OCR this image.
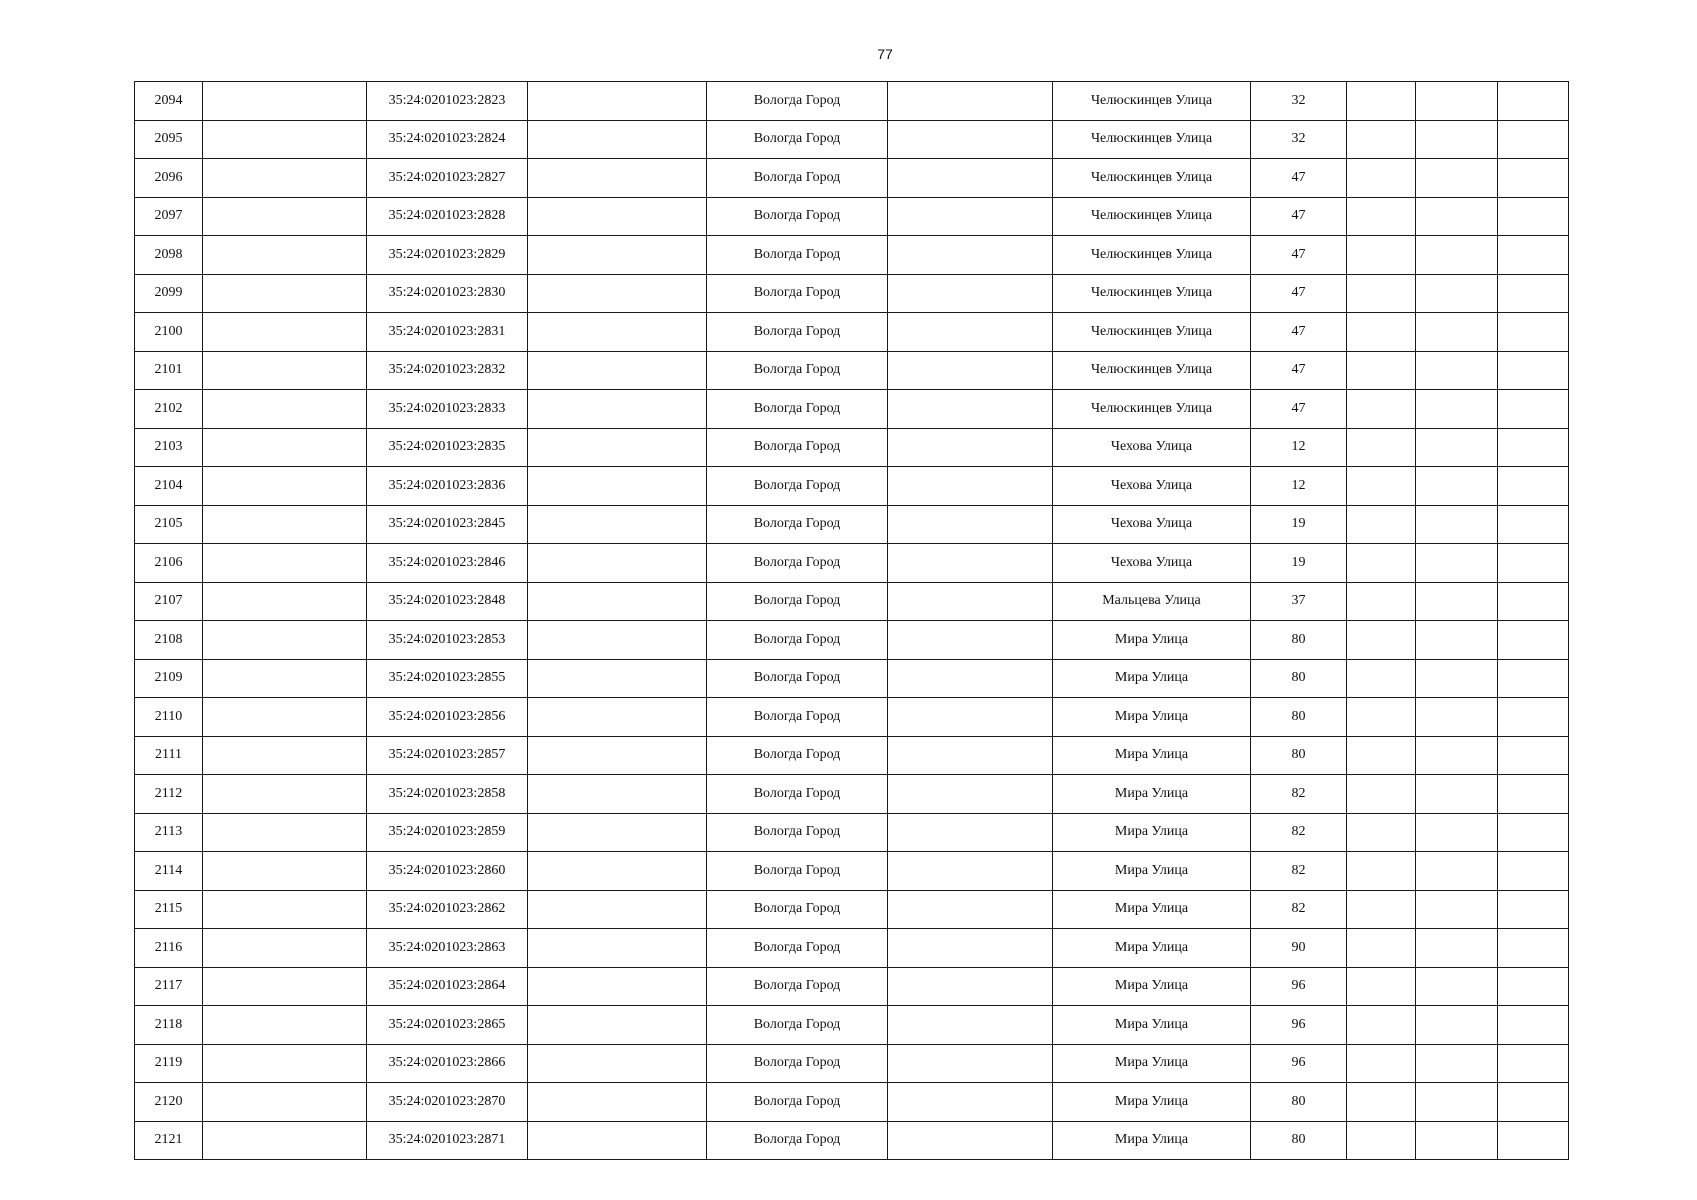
77
2094		35:24:0201023:2823		Вологда Город		Челюскинцев Улица	32			
2095		35:24:0201023:2824		Вологда Город		Челюскинцев Улица	32			
2096		35:24:0201023:2827		Вологда Город		Челюскинцев Улица	47			
2097		35:24:0201023:2828		Вологда Город		Челюскинцев Улица	47			
2098		35:24:0201023:2829		Вологда Город		Челюскинцев Улица	47			
2099		35:24:0201023:2830		Вологда Город		Челюскинцев Улица	47			
2100		35:24:0201023:2831		Вологда Город		Челюскинцев Улица	47			
2101		35:24:0201023:2832		Вологда Город		Челюскинцев Улица	47			
2102		35:24:0201023:2833		Вологда Город		Челюскинцев Улица	47			
2103		35:24:0201023:2835		Вологда Город		Чехова Улица	12			
2104		35:24:0201023:2836		Вологда Город		Чехова Улица	12			
2105		35:24:0201023:2845		Вологда Город		Чехова Улица	19			
2106		35:24:0201023:2846		Вологда Город		Чехова Улица	19			
2107		35:24:0201023:2848		Вологда Город		Мальцева Улица	37			
2108		35:24:0201023:2853		Вологда Город		Мира Улица	80			
2109		35:24:0201023:2855		Вологда Город		Мира Улица	80			
2110		35:24:0201023:2856		Вологда Город		Мира Улица	80			
2111		35:24:0201023:2857		Вологда Город		Мира Улица	80			
2112		35:24:0201023:2858		Вологда Город		Мира Улица	82			
2113		35:24:0201023:2859		Вологда Город		Мира Улица	82			
2114		35:24:0201023:2860		Вологда Город		Мира Улица	82			
2115		35:24:0201023:2862		Вологда Город		Мира Улица	82			
2116		35:24:0201023:2863		Вологда Город		Мира Улица	90			
2117		35:24:0201023:2864		Вологда Город		Мира Улица	96			
2118		35:24:0201023:2865		Вологда Город		Мира Улица	96			
2119		35:24:0201023:2866		Вологда Город		Мира Улица	96			
2120		35:24:0201023:2870		Вологда Город		Мира Улица	80			
2121		35:24:0201023:2871		Вологда Город		Мира Улица	80			
